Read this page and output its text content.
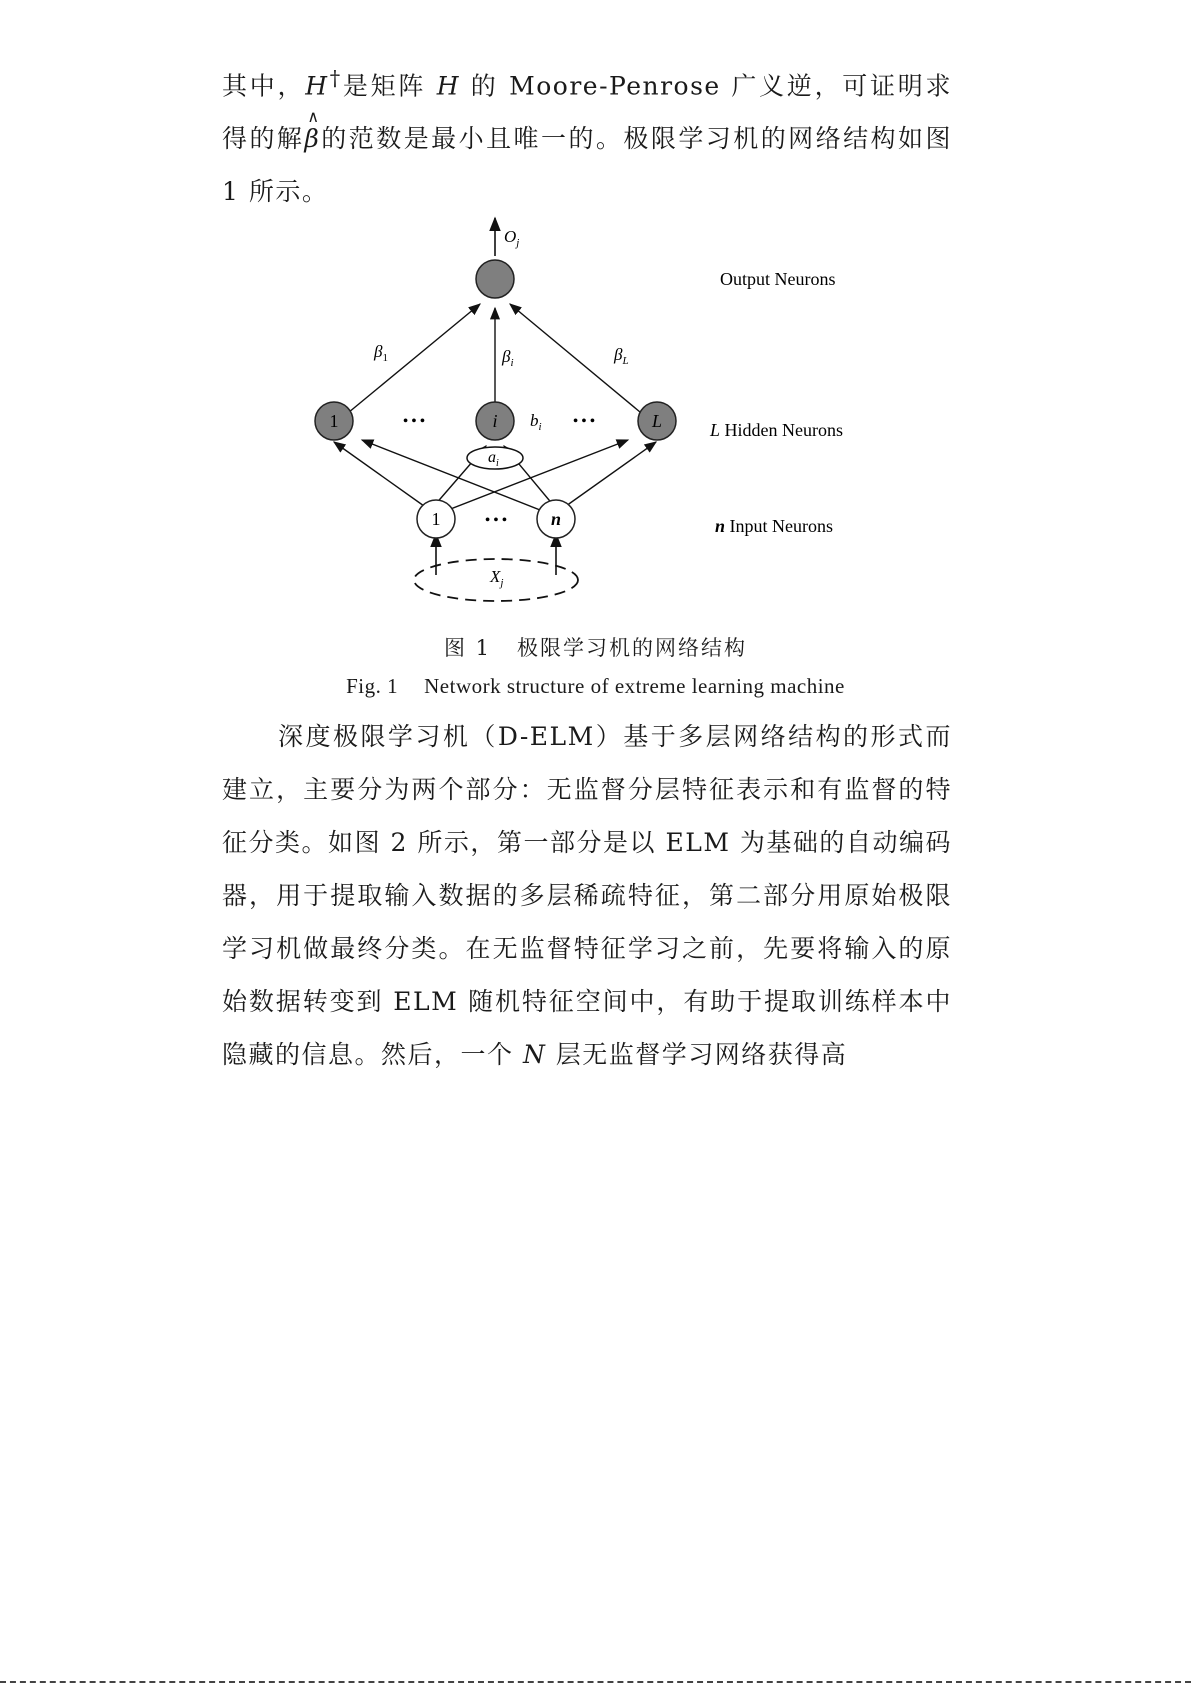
其中，H†是矩阵 H 的 Moore-Penrose 广义逆，可证明求得的解
∧
β的范数是最小且唯一的。极限学习机的网络结构如图 1 所示。

1	i	L
1	n
• • •	• • •
• • •
$O_j$
$\beta_1$	$\beta_i$	$\beta_L$
$b_i$
$a_i$
$X_j$
Output Neurons
L Hidden Neurons
n Input Neurons

图 1 极限学习机的网络结构

Fig. 1 Network structure of extreme learning machine

深度极限学习机（D-ELM）基于多层网络结构的形式而建立，主要分为两个部分：无监督分层特征表示和有监督的特征分类。如图 2 所示，第一部分是以 ELM 为基础的自动编码器，用于提取输入数据的多层稀疏特征，第二部分用原始极限学习机做最终分类。在无监督特征学习之前，先要将输入的原始数据转变到 ELM 随机特征空间中，有助于提取训练样本中隐藏的信息。然后，一个 N 层无监督学习网络获得高
